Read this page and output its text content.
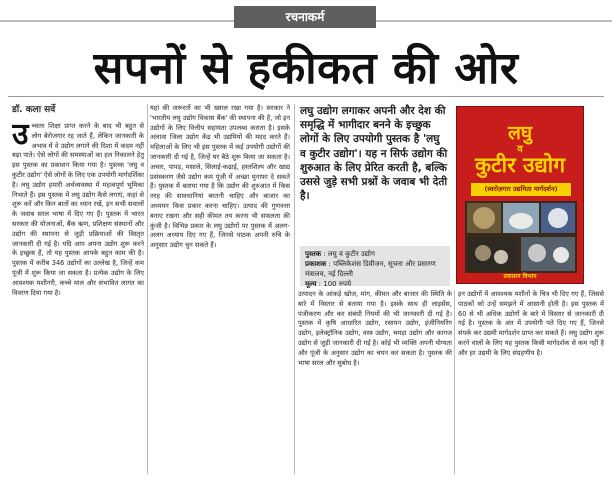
रचनाकर्म
सपनों से हकीकत की ओर
डॉ. कला सर्वे
उ च्चतर शिक्षा प्राप्त करने के बाद भी बहुत से लोग बेरोजगार रह जाते हैं, लेकिन जानकारी के अभाव में वे उद्योग लगाने की दिशा में कदम नहीं बढ़ा पाते। ऐसे लोगों की समस्याओं का हल निकालने हेतु इस पुस्तक का प्रकाशन किया गया है। पुस्तक 'लघु व कुटीर उद्योग' ऐसे लोगों के लिए एक उपयोगी मार्गदर्शिका है। लघु उद्योग हमारी अर्थव्यवस्था में महत्वपूर्ण भूमिका निभाते हैं। इस पुस्तक में लघु उद्योग कैसे लगाएं, कहां से शुरू करें और किन बातों का ध्यान रखें, इन सभी सवालों के जवाब सरल भाषा में दिए गए हैं। पुस्तक में भारत सरकार की योजनाओं, बैंक ऋण, प्रशिक्षण संस्थानों और उद्योग की स्थापना से जुड़ी प्रक्रियाओं की विस्तृत जानकारी दी गई है। यदि आप अपना उद्योग शुरू करने के इच्छुक हैं, तो यह पुस्तक आपके बहुत काम की है। पुस्तक में करीब 346 उद्योगों का उल्लेख है, जिन्हें कम पूंजी में शुरू किया जा सकता है। प्रत्येक उद्योग के लिए आवश्यक मशीनरी, कच्चे माल और संभावित लागत का विवरण दिया गया है।
यहां की जरूरतों का भी ख्याल रखा गया है। सरकार ने 'भारतीय लघु उद्योग विकास बैंक' की स्थापना की है, जो इन उद्योगों के लिए वित्तीय सहायता उपलब्ध कराता है। इसके अलावा जिला उद्योग केंद्र भी उद्यमियों की मदद करते हैं। महिलाओं के लिए भी इस पुस्तक में कई उपयोगी उद्योगों की जानकारी दी गई है, जिन्हें घर बैठे शुरू किया जा सकता है। अचार, पापड़, मसाले, सिलाई-कढ़ाई, हस्तशिल्प और खाद्य प्रसंस्करण जैसे उद्योग कम पूंजी में अच्छा मुनाफा दे सकते हैं। पुस्तक में बताया गया है कि उद्योग की शुरुआत में किस तरह की सावधानियां बरतनी चाहिए और बाजार का अध्ययन किस प्रकार करना चाहिए। उत्पाद की गुणवत्ता बनाए रखना और सही कीमत तय करना भी सफलता की कुंजी है। विभिन्न प्रकार के लघु उद्योगों पर पुस्तक में अलग-अलग अध्याय दिए गए हैं, जिनसे पाठक अपनी रुचि के अनुसार उद्योग चुन सकते हैं।
लघु उद्योग लगाकर अपनी और देश की समृद्धि में भागीदार बनने के इच्छुक लोगों के लिए उपयोगी पुस्तक है 'लघु व कुटीर उद्योग'। यह न सिर्फ उद्योग की शुरुआत के लिए प्रेरित करती है, बल्कि उससे जुड़े सभी प्रश्नों के जवाब भी देती है।
पुस्तक : लघु व कुटीर उद्योग
प्रकाशक : पब्लिकेशंस डिवीजन, सूचना और प्रसारण मंत्रालय, नई दिल्ली
मूल्य : 100 रुपये
लघु
व
कुटीर उद्योग
(स्वरोज़गार उद्यमिता मार्गदर्शन)
प्रकाशन विभाग
उत्पादन के आंकड़े खोज, मांग, कीमत और बाजार की स्थिति के बारे में विस्तार से बताया गया है। इसके साथ ही लाइसेंस, पंजीकरण और कर संबंधी नियमों की भी जानकारी दी गई है। पुस्तक में कृषि आधारित उद्योग, रसायन उद्योग, इंजीनियरिंग उद्योग, इलेक्ट्रॉनिक उद्योग, वस्त्र उद्योग, चमड़ा उद्योग और कागज उद्योग से जुड़ी जानकारी दी गई है। कोई भी व्यक्ति अपनी योग्यता और पूंजी के अनुसार उद्योग का चयन कर सकता है। पुस्तक की भाषा सरल और सुबोध है।
इन उद्योगों में आवश्यक मशीनों के चित्र भी दिए गए हैं, जिससे पाठकों को उन्हें समझने में आसानी होती है। इस पुस्तक में 60 से भी अधिक उद्योगों के बारे में विस्तार से जानकारी दी गई है। पुस्तक के अंत में उपयोगी पते दिए गए हैं, जिनसे संपर्क कर उद्यमी मार्गदर्शन प्राप्त कर सकते हैं। लघु उद्योग शुरू करने वालों के लिए यह पुस्तक किसी मार्गदर्शक से कम नहीं है और हर उद्यमी के लिए संग्रहणीय है।
